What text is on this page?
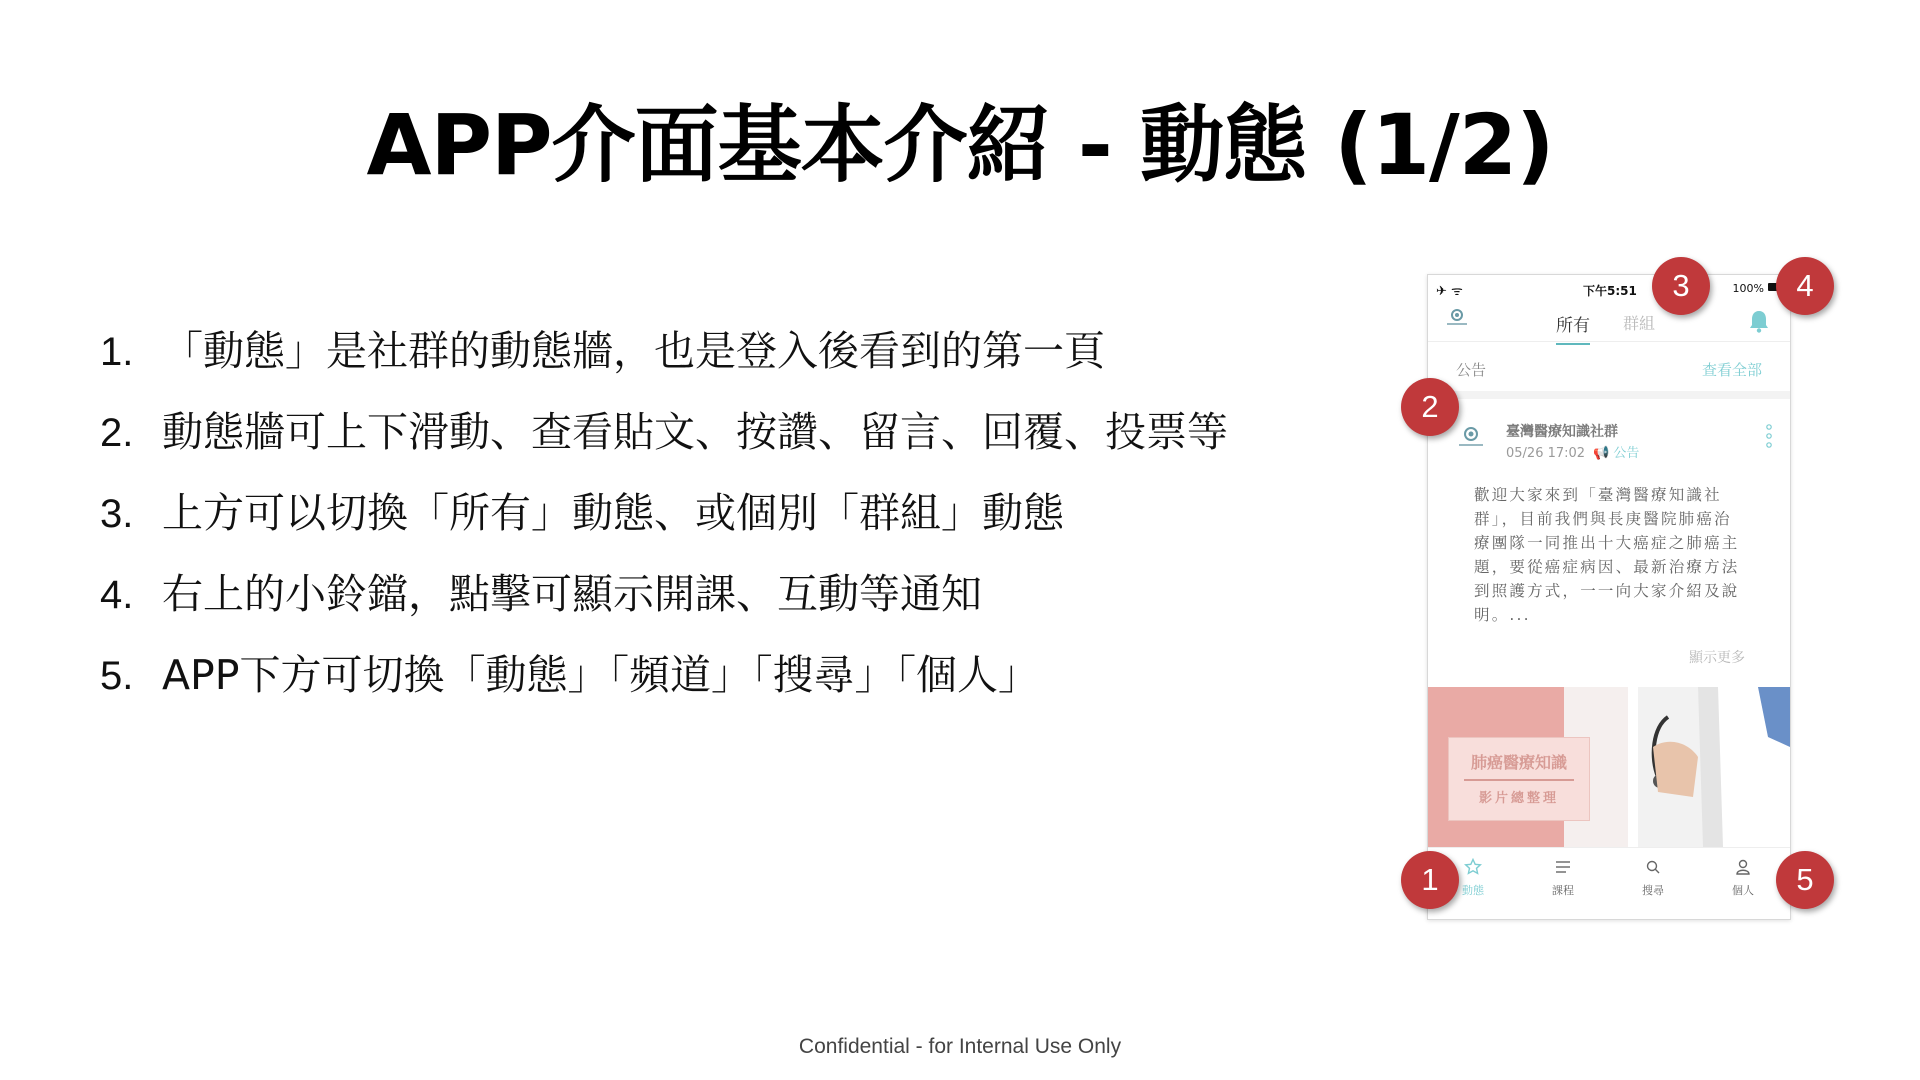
APP介面基本介紹 - 動態 (1/2)
1. 「動態」是社群的動態牆，也是登入後看到的第一頁
2. 動態牆可上下滑動、查看貼文、按讚、留言、回覆、投票等
3. 上方可以切換「所有」動態、或個別「群組」動態
4. 右上的小鈴鐺，點擊可顯示開課、互動等通知
5. APP下方可切換「動態」「頻道」「搜尋」「個人」
✈ ᯤ	下午5:51	100%
所有 群組
公告	查看全部
臺灣醫療知識社群
05/26 17:02 📢 公告
歡迎大家來到「臺灣醫療知識社群」，目前我們與長庚醫院肺癌治療團隊一同推出十大癌症之肺癌主題，要從癌症病因、最新治療方法到照護方式，一一向大家介紹及說明。...
顯示更多
肺癌醫療知識
影片總整理
動態	課程	搜尋	個人
1
2
3	4
5
Confidential - for Internal Use Only
